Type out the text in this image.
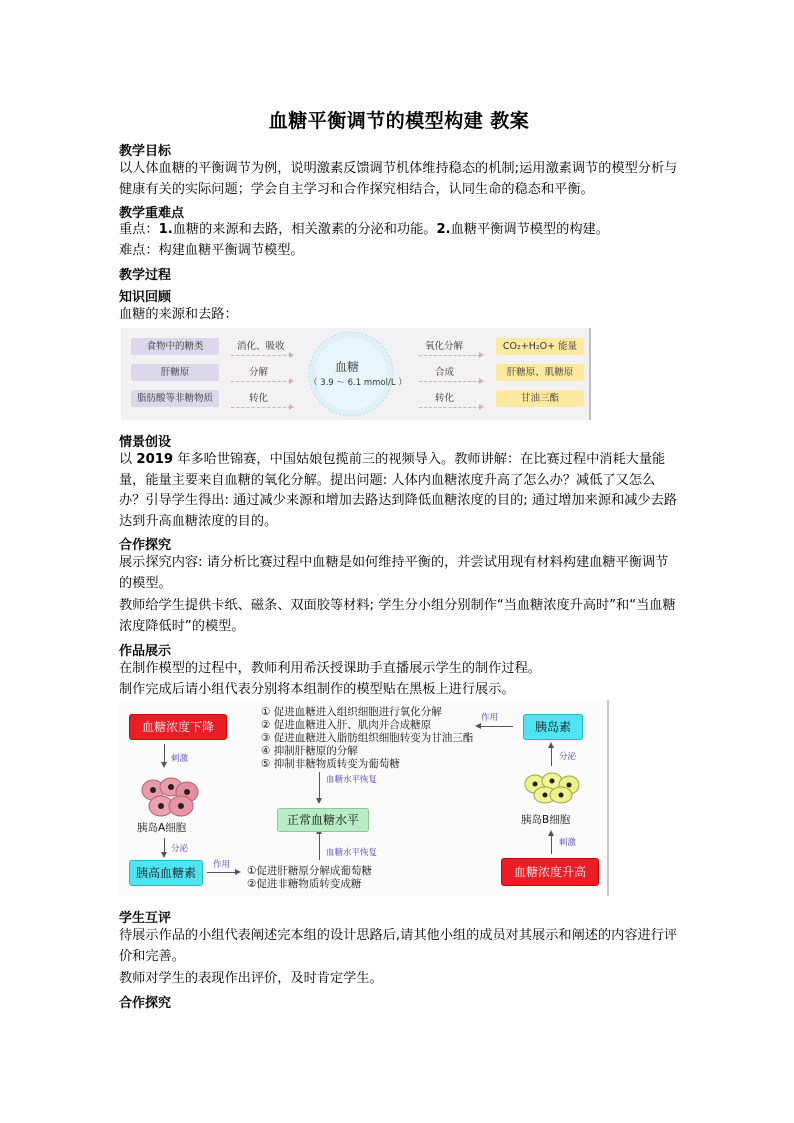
血糖平衡调节的模型构建 教案
教学目标
以人体血糖的平衡调节为例，说明激素反馈调节机体维持稳态的机制;运用激素调节的模型分析与健康有关的实际问题；学会自主学习和合作探究相结合，认同生命的稳态和平衡。
教学重难点
重点：1.血糖的来源和去路，相关激素的分泌和功能。2.血糖平衡调节模型的构建。
难点：构建血糖平衡调节模型。
教学过程
知识回顾
血糖的来源和去路：
食物中的糖类
肝糖原
脂肪酸等非糖物质
消化、吸收
分解
转化
血糖
（ 3.9 ～ 6.1 mmol/L ）
氧化分解
合成
转化
CO₂+H₂O+ 能量
肝糖原、肌糖原
甘油三酯
情景创设
以 2019 年多哈世锦赛，中国姑娘包揽前三的视频导入。教师讲解：在比赛过程中消耗大量能量，能量主要来自血糖的氧化分解。提出问题: 人体内血糖浓度升高了怎么办？减低了又怎么办？引导学生得出: 通过减少来源和增加去路达到降低血糖浓度的目的; 通过增加来源和减少去路达到升高血糖浓度的目的。
合作探究
展示探究内容: 请分析比赛过程中血糖是如何维持平衡的，并尝试用现有材料构建血糖平衡调节的模型。
教师给学生提供卡纸、磁条、双面胶等材料; 学生分小组分别制作“当血糖浓度升高时”和“当血糖浓度降低时”的模型。
作品展示
在制作模型的过程中，教师利用希沃授课助手直播展示学生的制作过程。
制作完成后请小组代表分别将本组制作的模型贴在黑板上进行展示。
血糖浓度下降
刺激
胰岛A细胞
分泌
胰高血糖素
作用 ①促进肝糖原分解成葡萄糖
②促进非糖物质转变成糖
血糖水平恢复
正常血糖水平
血糖水平恢复
① 促进血糖进入组织细胞进行氧化分解
② 促进血糖进入肝、肌肉并合成糖原
③ 促进血糖进入脂肪组织细胞转变为甘油三酯
④ 抑制肝糖原的分解
⑤ 抑制非糖物质转变为葡萄糖
作用
胰岛素
分泌
胰岛B细胞
刺激
血糖浓度升高
学生互评
待展示作品的小组代表阐述完本组的设计思路后,请其他小组的成员对其展示和阐述的内容进行评价和完善。
教师对学生的表现作出评价，及时肯定学生。
合作探究
